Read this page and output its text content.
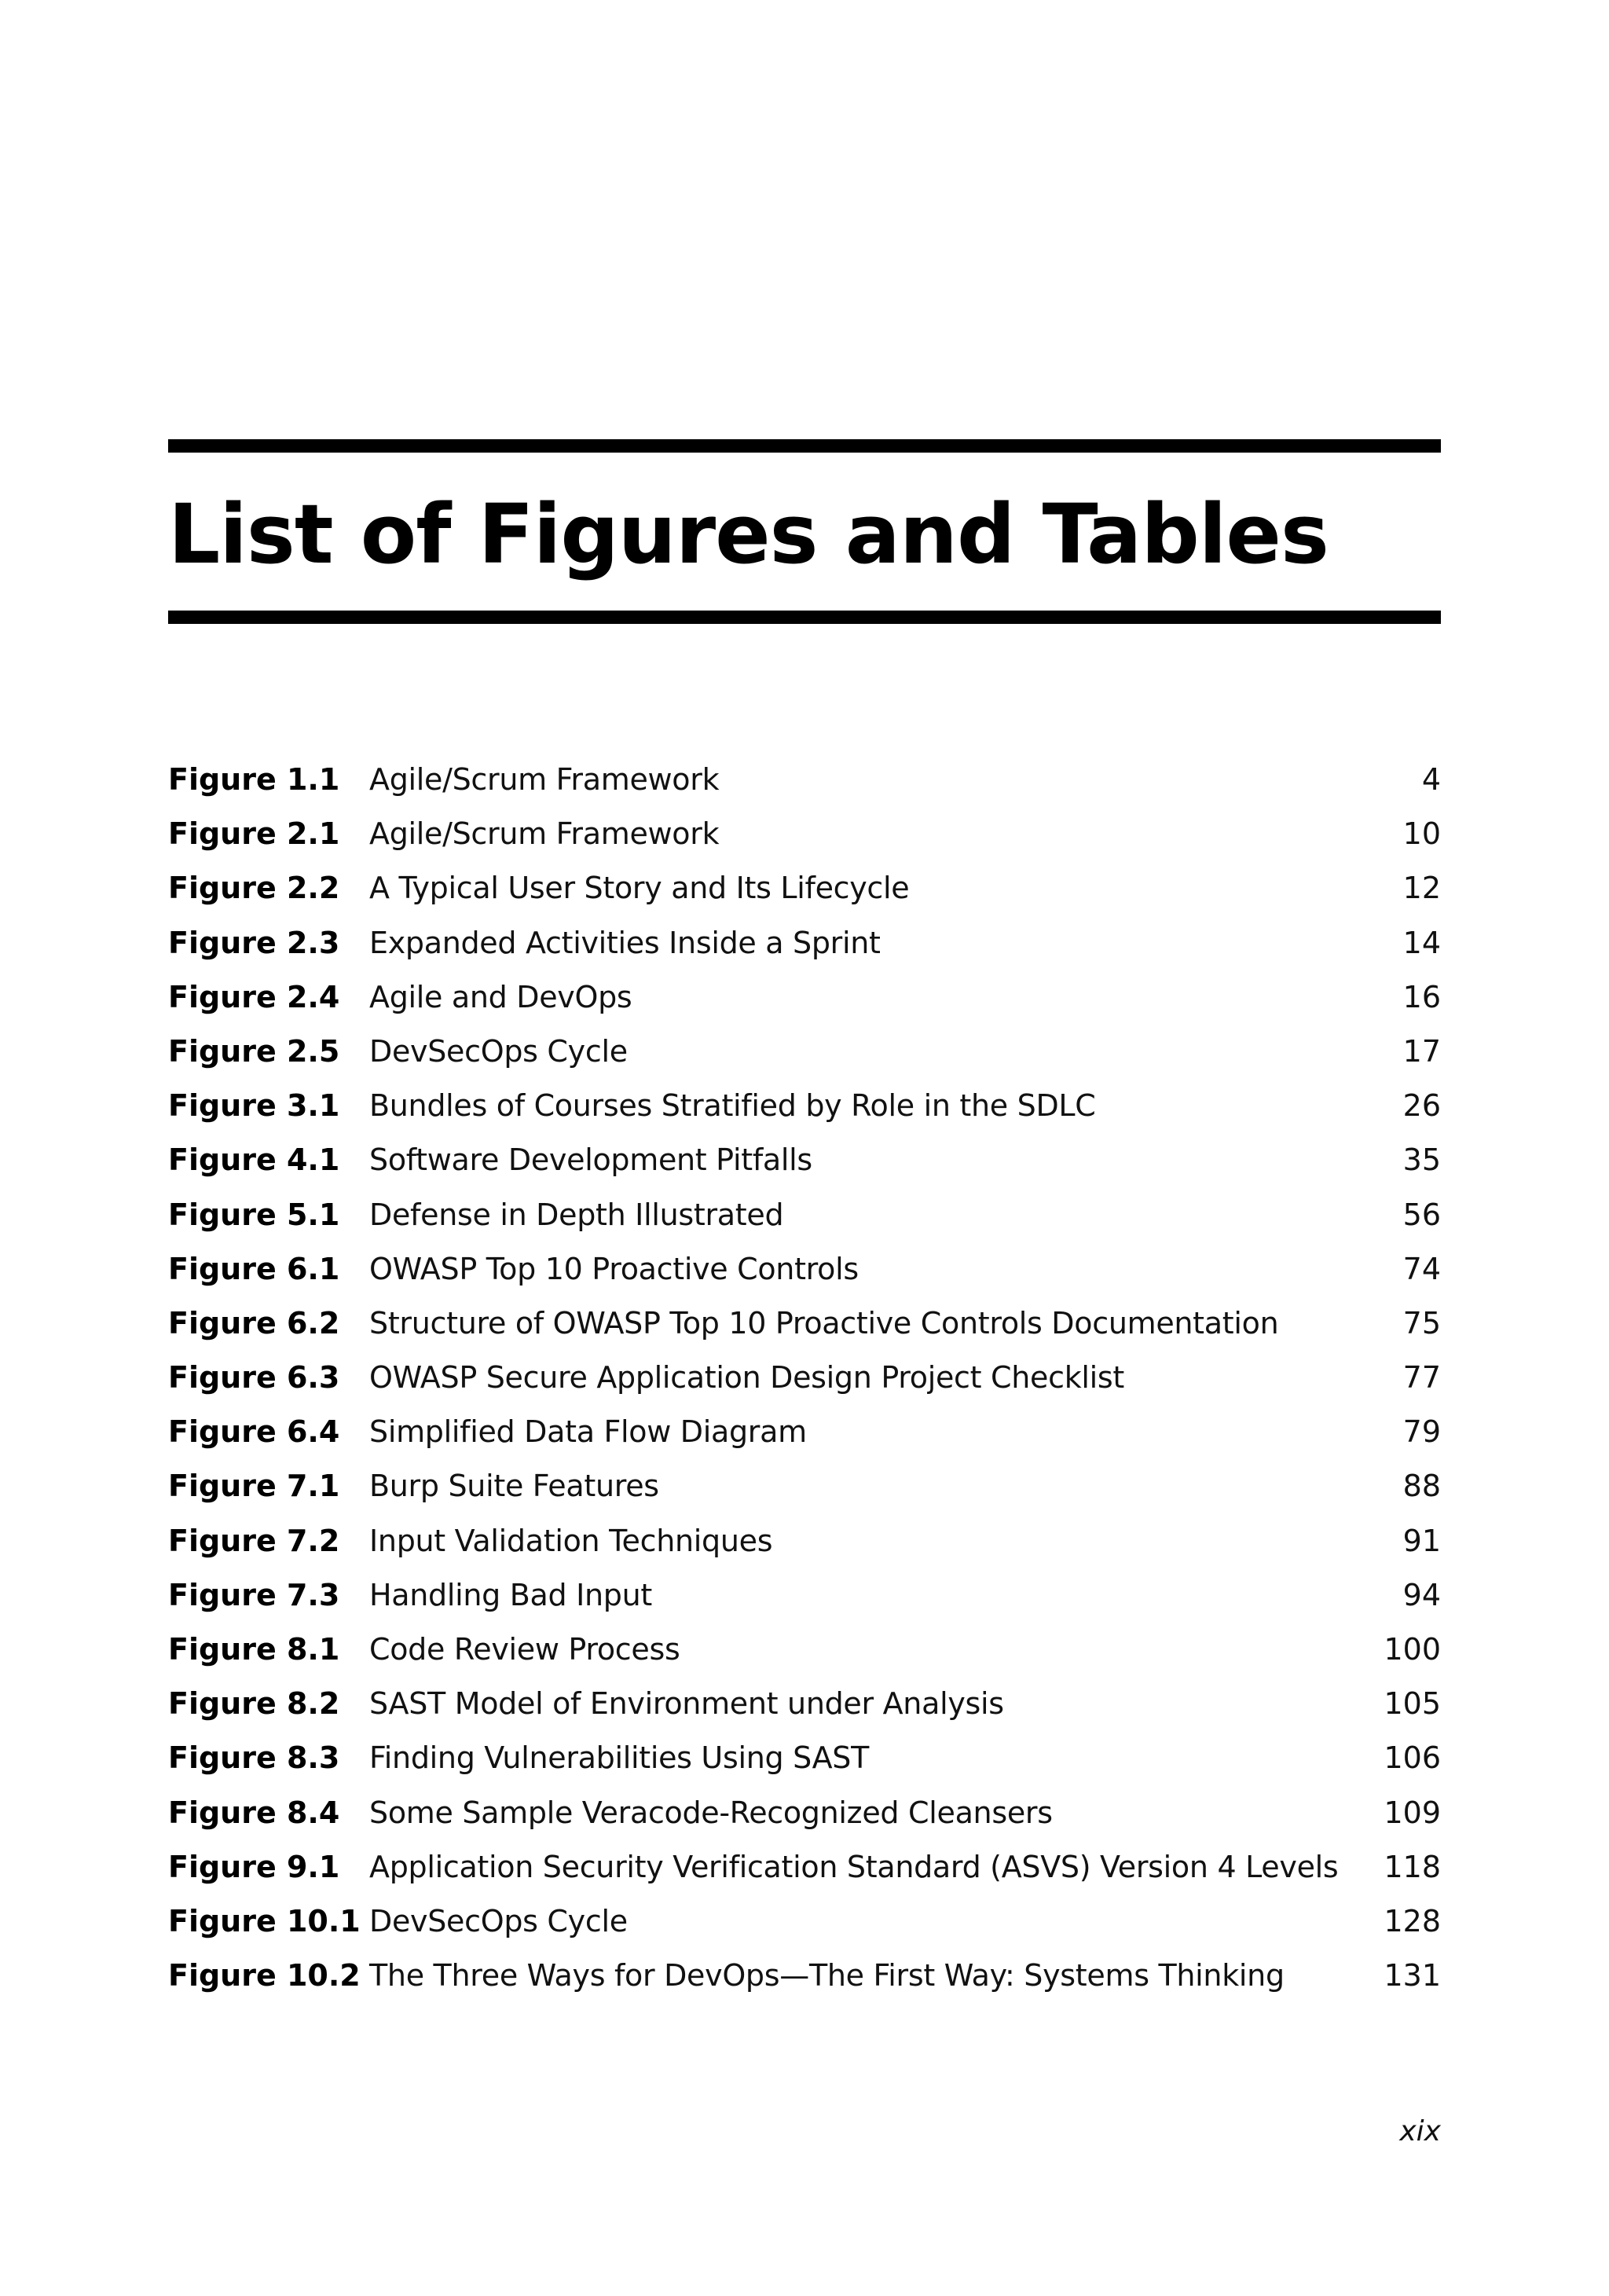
List of Figures and Tables
Figure 1.1 Agile/Scrum Framework	4
Figure 2.1 Agile/Scrum Framework	10
Figure 2.2 A Typical User Story and Its Lifecycle	12
Figure 2.3 Expanded Activities Inside a Sprint	14
Figure 2.4 Agile and DevOps	16
Figure 2.5 DevSecOps Cycle	17
Figure 3.1 Bundles of Courses Stratified by Role in the SDLC	26
Figure 4.1 Software Development Pitfalls	35
Figure 5.1 Defense in Depth Illustrated	56
Figure 6.1 OWASP Top 10 Proactive Controls	74
Figure 6.2 Structure of OWASP Top 10 Proactive Controls Documentation	75
Figure 6.3 OWASP Secure Application Design Project Checklist	77
Figure 6.4 Simplified Data Flow Diagram	79
Figure 7.1 Burp Suite Features	88
Figure 7.2 Input Validation Techniques	91
Figure 7.3 Handling Bad Input	94
Figure 8.1 Code Review Process	100
Figure 8.2 SAST Model of Environment under Analysis	105
Figure 8.3 Finding Vulnerabilities Using SAST	106
Figure 8.4 Some Sample Veracode-Recognized Cleansers	109
Figure 9.1 Application Security Verification Standard (ASVS) Version 4 Levels 118
Figure 10.1 DevSecOps Cycle	128
Figure 10.2 The Three Ways for DevOps—The First Way: Systems Thinking	131
xix
